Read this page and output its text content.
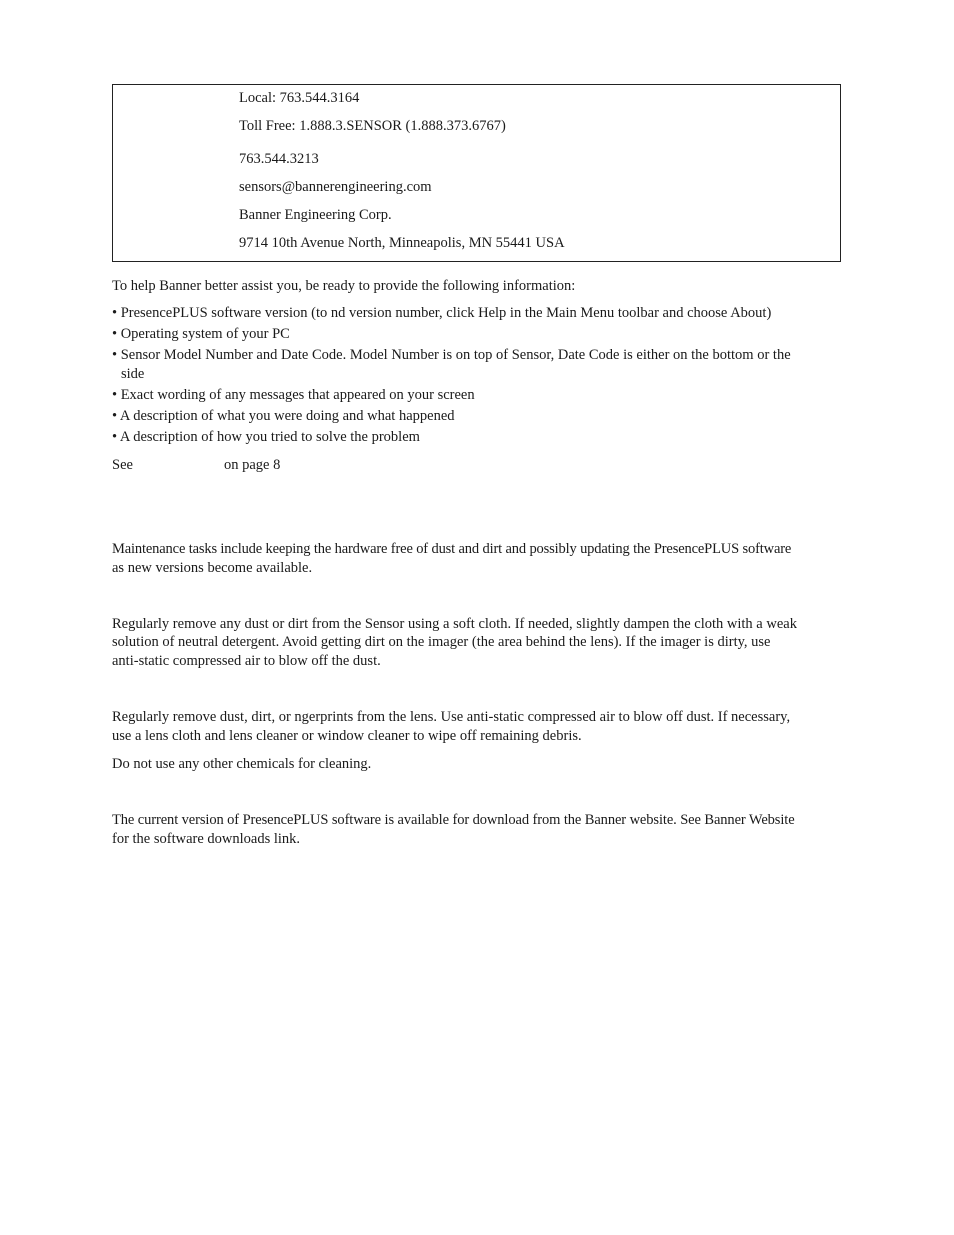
Local: 763.544.3164
Toll Free: 1.888.3.SENSOR (1.888.373.6767)
763.544.3213
sensors@bannerengineering.com
Banner Engineering Corp.
9714 10th Avenue North, Minneapolis, MN 55441 USA
To help Banner better assist you, be ready to provide the following information:
• PresencePLUS software version (to nd version number, click Help in the Main Menu toolbar and choose About)
• Operating system of your PC
• Sensor Model Number and Date Code. Model Number is on top of Sensor, Date Code is either on the bottom or the
side
• Exact wording of any messages that appeared on your screen
• A description of what you were doing and what happened
• A description of how you tried to solve the problem
See	on page 8
Maintenance tasks include keeping the hardware free of dust and dirt and possibly updating the PresencePLUS software
as new versions become available.
Regularly remove any dust or dirt from the Sensor using a soft cloth. If needed, slightly dampen the cloth with a weak
solution of neutral detergent. Avoid getting dirt on the imager (the area behind the lens). If the imager is dirty, use
anti-static compressed air to blow off the dust.
Regularly remove dust, dirt, or ngerprints from the lens. Use anti-static compressed air to blow off dust. If necessary,
use a lens cloth and lens cleaner or window cleaner to wipe off remaining debris.
Do not use any other chemicals for cleaning.
The current version of PresencePLUS software is available for download from the Banner website. See Banner Website
for the software downloads link.
